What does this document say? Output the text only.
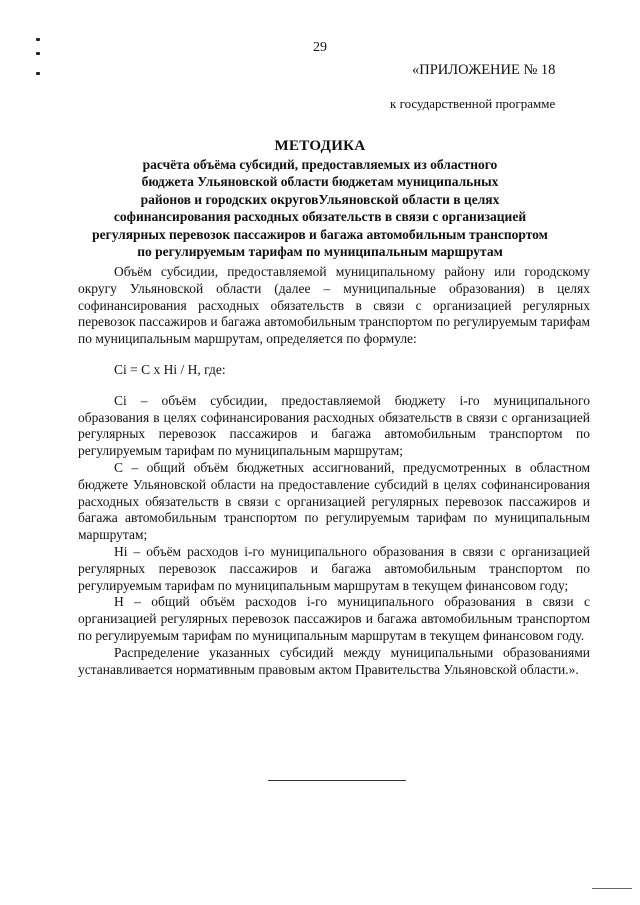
29
«ПРИЛОЖЕНИЕ № 18
к государственной программе
МЕТОДИКА
расчёта объёма субсидий, предоставляемых из областного
бюджета Ульяновской области бюджетам муниципальных
районов и городских округовУльяновской области в целях
софинансирования расходных обязательств в связи с организацией
регулярных перевозок пассажиров и багажа автомобильным транспортом
по регулируемым тарифам по муниципальным маршрутам

Объём субсидии, предоставляемой муниципальному району или городскому округу Ульяновской области (далее – муниципальные образования) в целях софинансирования расходных обязательств в связи с организацией регулярных перевозок пассажиров и багажа автомобильным транспортом по регулируемым тарифам по муниципальным маршрутам, определяется по формуле:

Ci = C x Hi / H, где:

Ci – объём субсидии, предоставляемой бюджету i-го муниципального образования в целях софинансирования расходных обязательств в связи с организацией регулярных перевозок пассажиров и багажа автомобильным транспортом по регулируемым тарифам по муниципальным маршрутам;

C – общий объём бюджетных ассигнований, предусмотренных в областном бюджете Ульяновской области на предоставление субсидий в целях софинансирования расходных обязательств в связи с организацией регулярных перевозок пассажиров и багажа автомобильным транспортом по регулируемым тарифам по муниципальным маршрутам;

Hi – объём расходов i-го муниципального образования в связи с организацией регулярных перевозок пассажиров и багажа автомобильным транспортом по регулируемым тарифам по муниципальным маршрутам в текущем финансовом году;

H – общий объём расходов i-го муниципального образования в связи с организацией регулярных перевозок пассажиров и багажа автомобильным транспортом по регулируемым тарифам по муниципальным маршрутам в текущем финансовом году.

Распределение указанных субсидий между муниципальными образованиями устанавливается нормативным правовым актом Правительства Ульяновской области.».
